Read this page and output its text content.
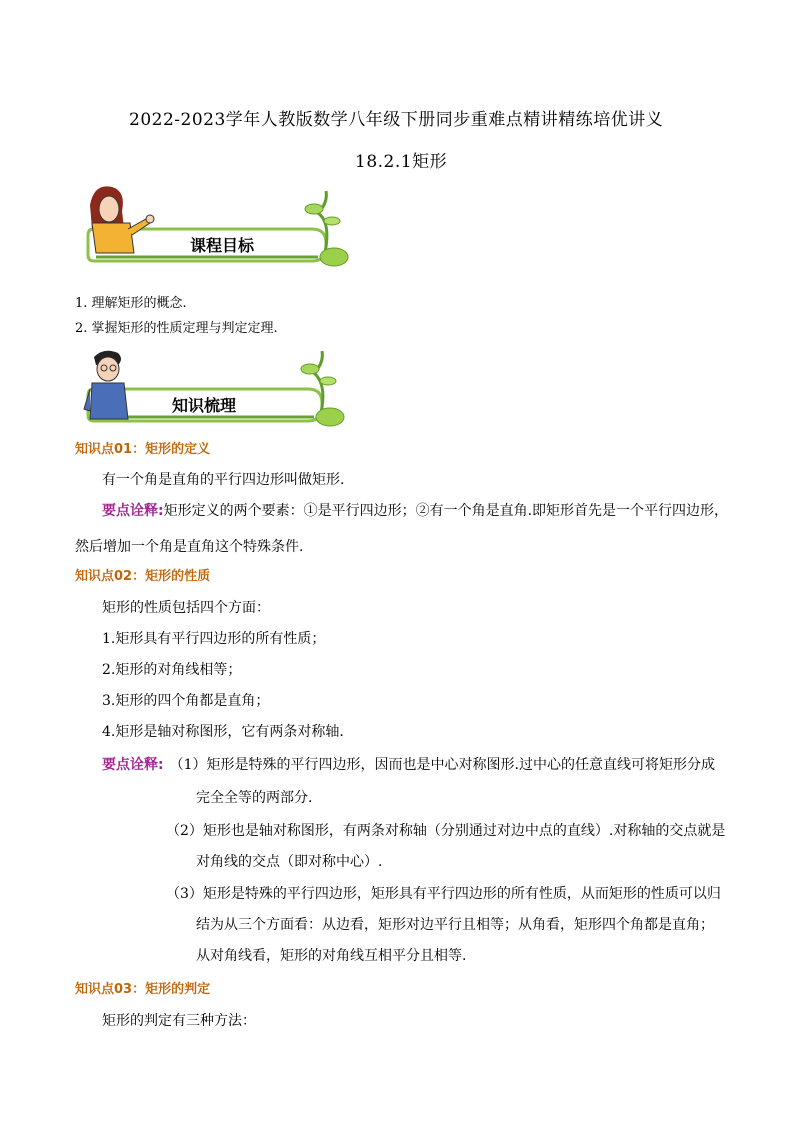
2022-2023学年人教版数学八年级下册同步重难点精讲精练培优讲义
18.2.1矩形
课程目标
1. 理解矩形的概念.
2. 掌握矩形的性质定理与判定定理.
知识梳理
知识点01：矩形的定义
有一个角是直角的平行四边形叫做矩形.
要点诠释:矩形定义的两个要素：①是平行四边形；②有一个角是直角.即矩形首先是一个平行四边形，
然后增加一个角是直角这个特殊条件.
知识点02：矩形的性质
矩形的性质包括四个方面：
1.矩形具有平行四边形的所有性质；
2.矩形的对角线相等；
3.矩形的四个角都是直角；
4.矩形是轴对称图形，它有两条对称轴.
要点诠释: （1）矩形是特殊的平行四边形，因而也是中心对称图形.过中心的任意直线可将矩形分成
完全全等的两部分.
（2）矩形也是轴对称图形，有两条对称轴（分别通过对边中点的直线）.对称轴的交点就是
对角线的交点（即对称中心）.
（3）矩形是特殊的平行四边形，矩形具有平行四边形的所有性质，从而矩形的性质可以归
结为从三个方面看：从边看，矩形对边平行且相等；从角看，矩形四个角都是直角；
从对角线看，矩形的对角线互相平分且相等.
知识点03：矩形的判定
矩形的判定有三种方法：
